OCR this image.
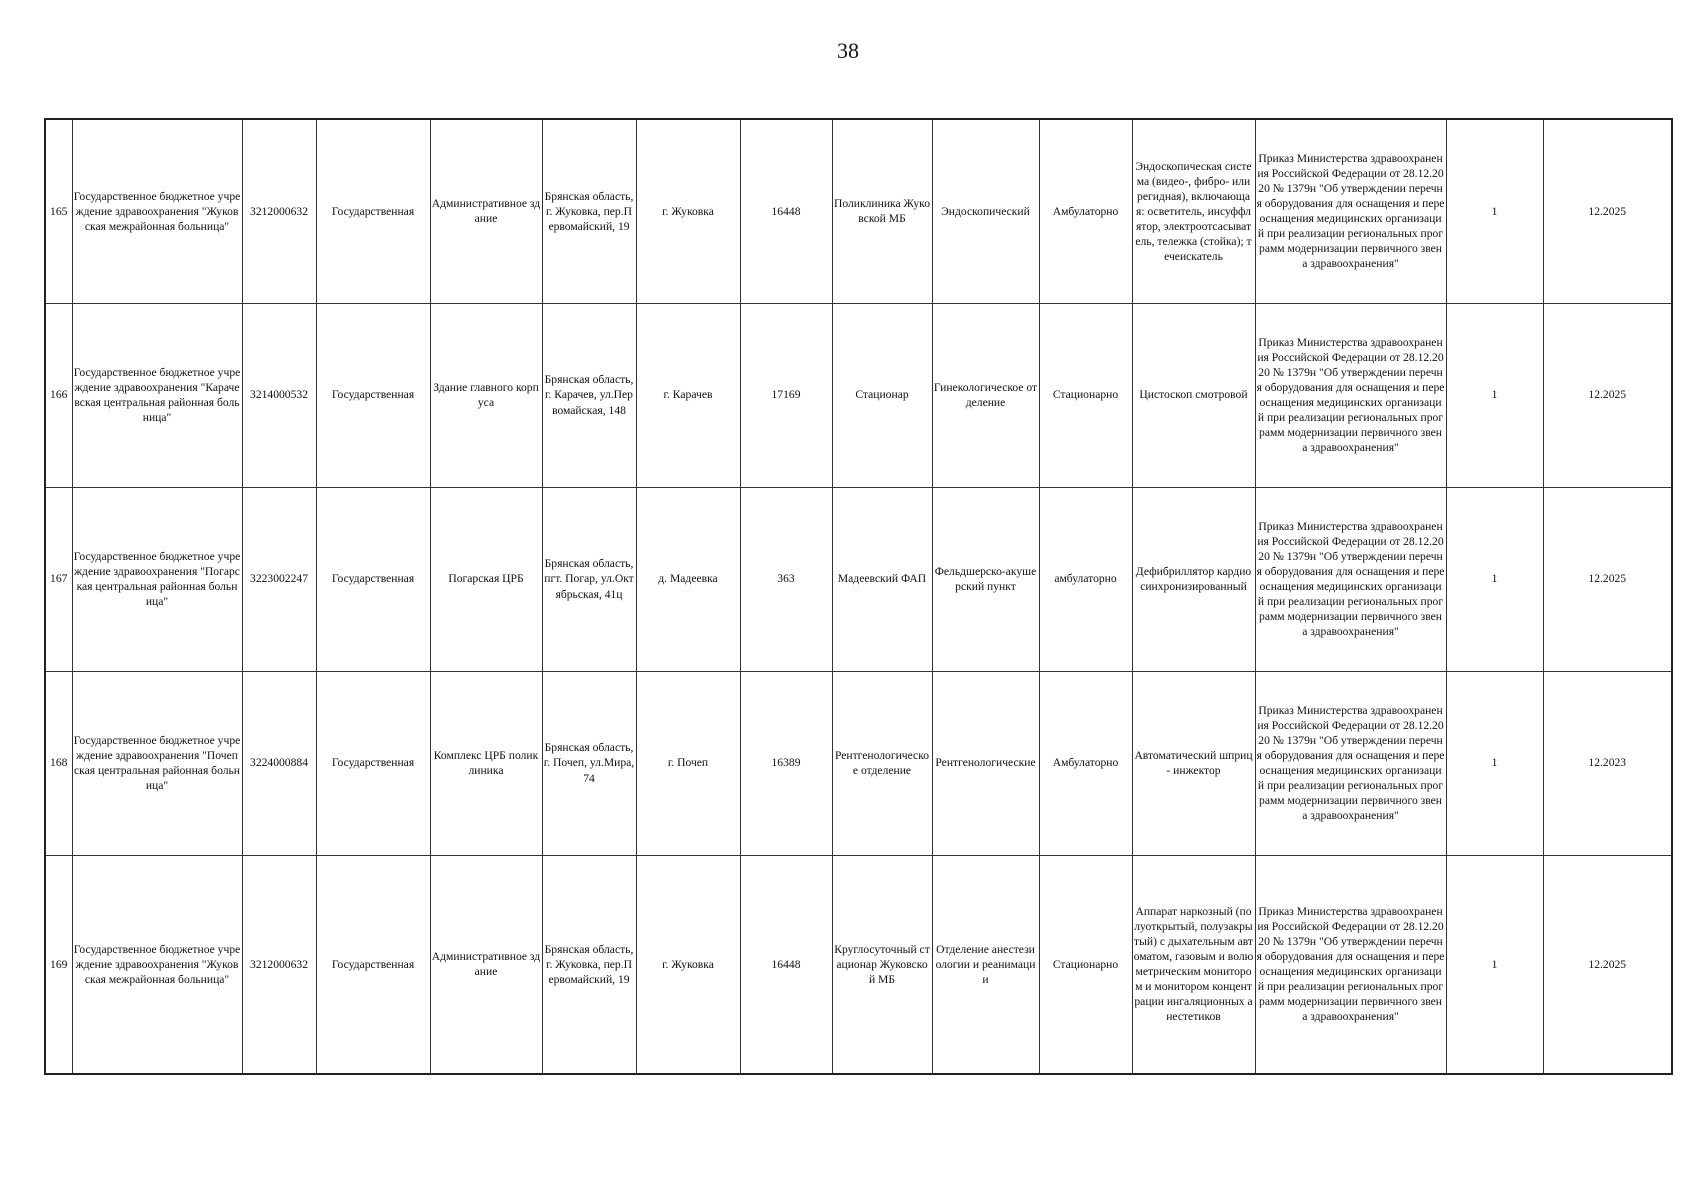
38
165	Государственное бюджетное учреждение здравоохранения "Жуковская межрайонная больница"	3212000632	Государственная	Административное здание	Брянская область, г. Жуковка, пер.Первомайский, 19	г. Жуковка	16448	Поликлиника Жуковской МБ	Эндоскопический	Амбулаторно	Эндоскопическая система (видео-, фибро- или регидная), включающая: осветитель, инсуффлятор, электроотсасыватель, тележка (стойка); течеискатель	Приказ Министерства здравоохранения Российской Федерации от 28.12.2020 № 1379н "Об утверждении перечня оборудования для оснащения и переоснащения медицинских организаций при реализации региональных программ модернизации первичного звена здравоохранения"	1	12.2025
166	Государственное бюджетное учреждение здравоохранения "Карачевская центральная районная больница"	3214000532	Государственная	Здание главного корпуса	Брянская область, г. Карачев, ул.Первомайская, 148	г. Карачев	17169	Стационар	Гинекологическое отделение	Стационарно	Цистоскоп смотровой	Приказ Министерства здравоохранения Российской Федерации от 28.12.2020 № 1379н "Об утверждении перечня оборудования для оснащения и переоснащения медицинских организаций при реализации региональных программ модернизации первичного звена здравоохранения"	1	12.2025
167	Государственное бюджетное учреждение здравоохранения "Погарская центральная районная больница"	3223002247	Государственная	Погарская ЦРБ	Брянская область, пгт. Погар, ул.Октябрьская, 41ц	д. Мадеевка	363	Мадеевский ФАП	Фельдшерско-акушерский пункт	амбулаторно	Дефибриллятор кардиосинхронизированный	Приказ Министерства здравоохранения Российской Федерации от 28.12.2020 № 1379н "Об утверждении перечня оборудования для оснащения и переоснащения медицинских организаций при реализации региональных программ модернизации первичного звена здравоохранения"	1	12.2025
168	Государственное бюджетное учреждение здравоохранения "Почепская центральная районная больница"	3224000884	Государственная	Комплекс ЦРБ поликлиника	Брянская область, г. Почеп, ул.Мира, 74	г. Почеп	16389	Рентгенологическое отделение	Рентгенологические	Амбулаторно	Автоматический шприц - инжектор	Приказ Министерства здравоохранения Российской Федерации от 28.12.2020 № 1379н "Об утверждении перечня оборудования для оснащения и переоснащения медицинских организаций при реализации региональных программ модернизации первичного звена здравоохранения"	1	12.2023
169	Государственное бюджетное учреждение здравоохранения "Жуковская межрайонная больница"	3212000632	Государственная	Административное здание	Брянская область, г. Жуковка, пер.Первомайский, 19	г. Жуковка	16448	Круглосуточный стационар Жуковской МБ	Отделение анестезиологии и реанимации	Стационарно	Аппарат наркозный (полуоткрытый, полузакрытый) с дыхательным автоматом, газовым и волюметрическим монитором и монитором концентрации ингаляционных анестетиков	Приказ Министерства здравоохранения Российской Федерации от 28.12.2020 № 1379н "Об утверждении перечня оборудования для оснащения и переоснащения медицинских организаций при реализации региональных программ модернизации первичного звена здравоохранения"	1	12.2025
